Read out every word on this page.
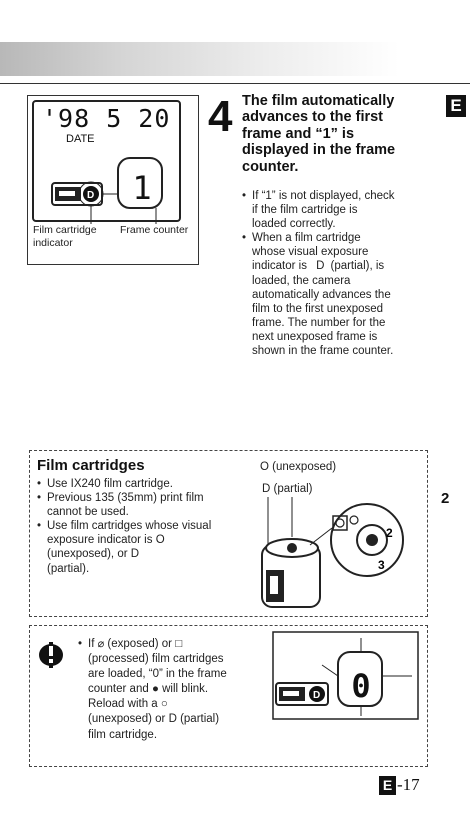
E
2
'98 5 20
DATE
D 1
Film cartridge
indicator
Frame counter
4 The film automatically
advances to the first
frame and “1” is
displayed in the frame
counter.
• If “1” is not displayed, check
if the film cartridge is
loaded correctly.
• When a film cartridge
whose visual exposure
indicator is D (partial), is
loaded, the camera
automatically advances the
film to the first unexposed
frame. The number for the
next unexposed frame is
shown in the frame counter.
Film cartridges
• Use IX240 film cartridge.
• Previous 135 (35mm) print film
cannot be used.
• Use film cartridges whose visual
exposure indicator is O
(unexposed), or D
(partial).
O (unexposed)
D (partial)
2
3
• If ⌀ (exposed) or □
(processed) film cartridges
are loaded, “0” in the frame
counter and ● will blink.
Reload with a ○
(unexposed) or D (partial)
film cartridge.
D 0
E -17
